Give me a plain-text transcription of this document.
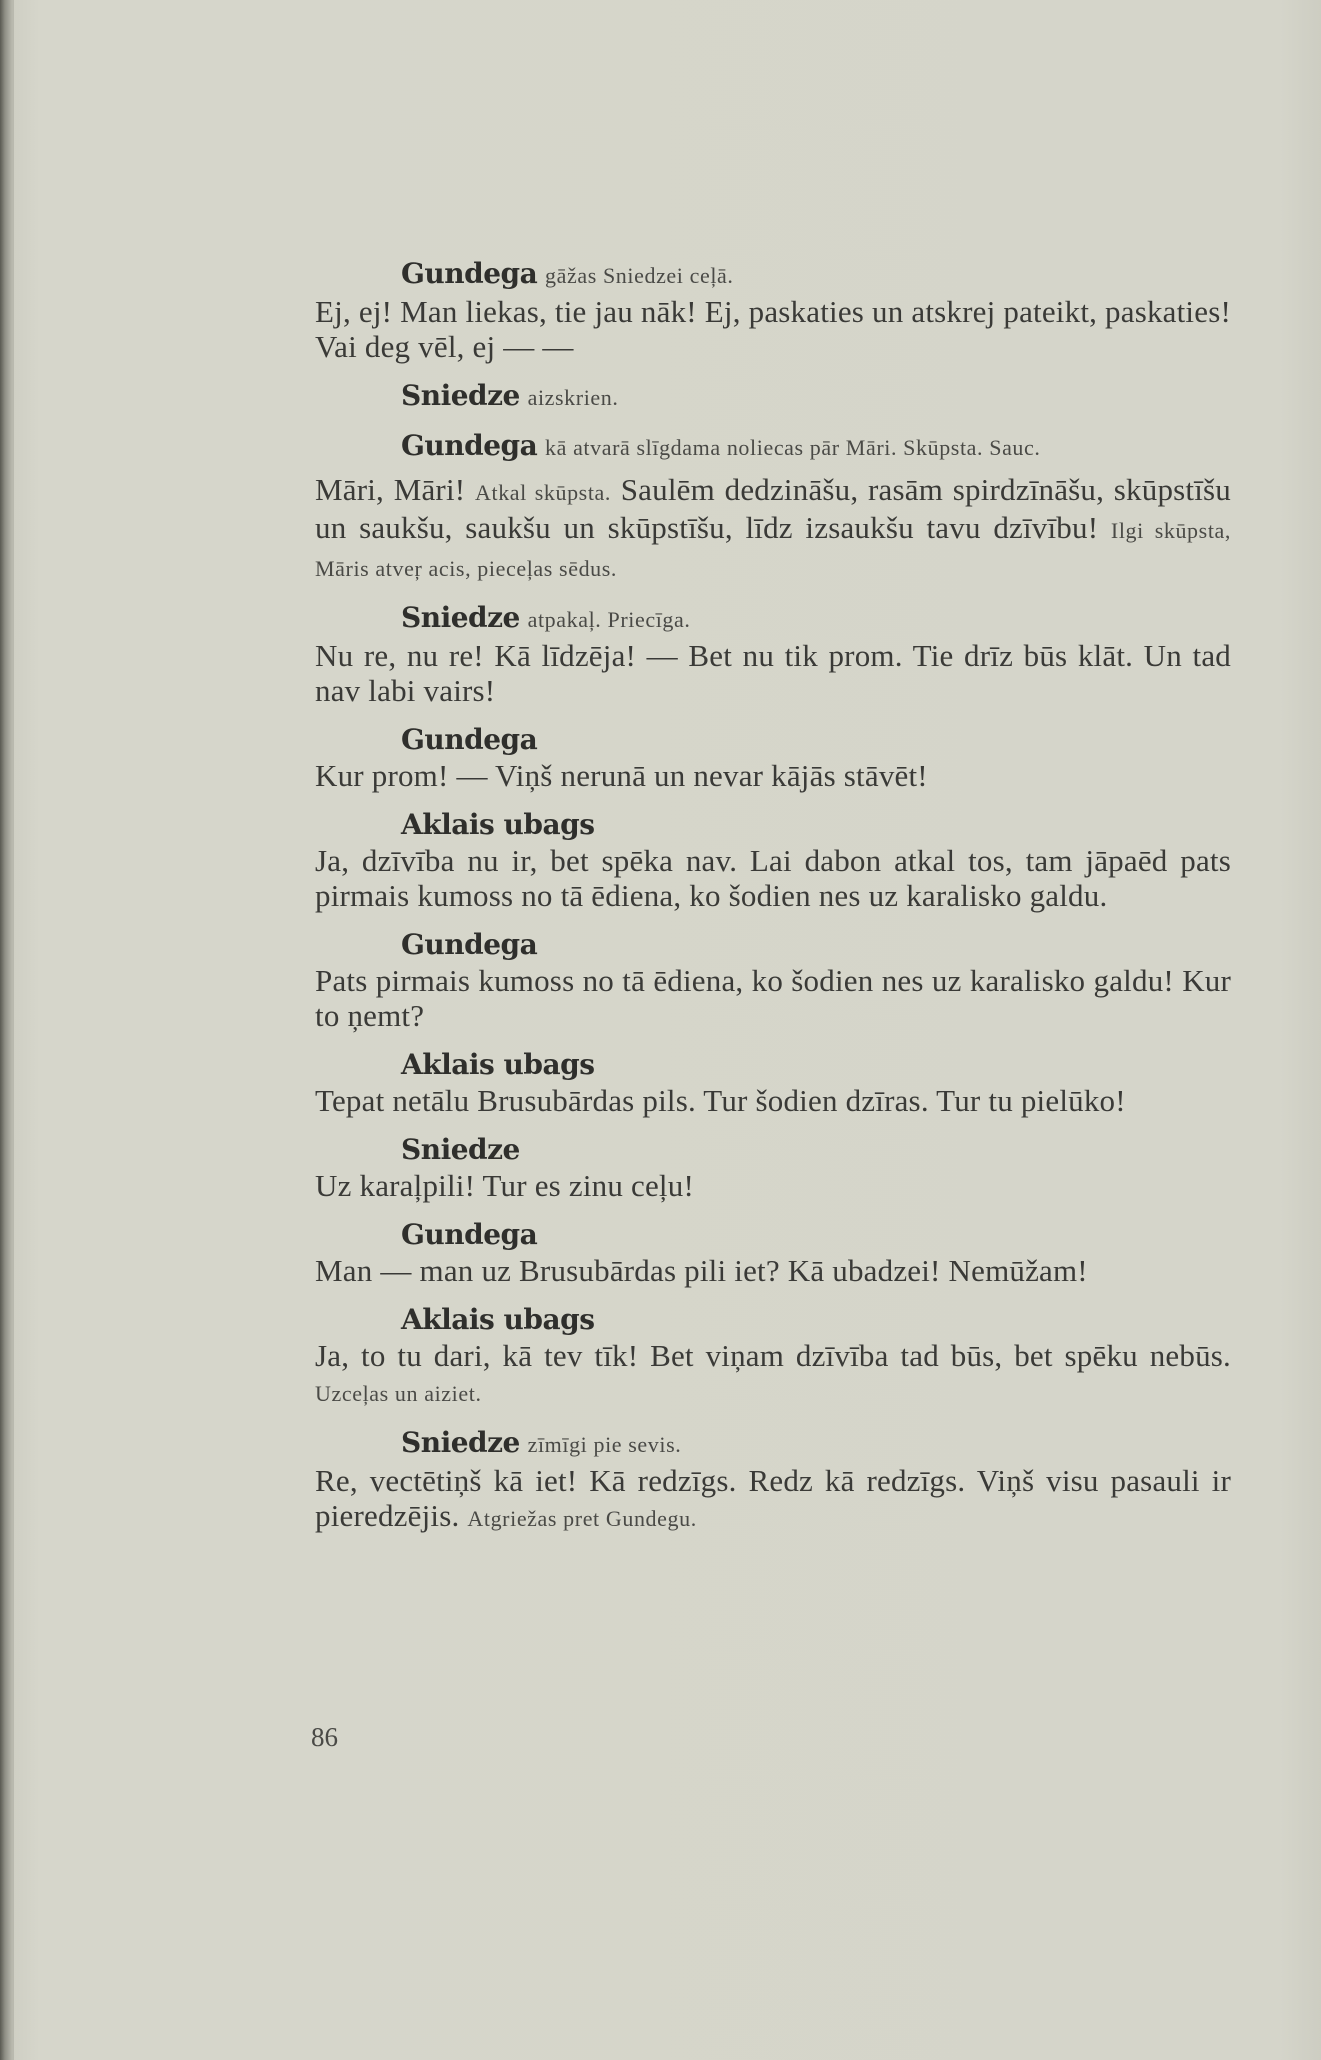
Gundega gāžas Sniedzei ceļā.
Ej, ej! Man liekas, tie jau nāk! Ej, paskaties un atskrej pateikt, paskaties! Vai deg vēl, ej — —
Sniedze aizskrien.
Gundega kā atvarā slīgdama noliecas pār Māri. Skūpsta. Sauc.
Māri, Māri! Atkal skūpsta. Saulēm dedzināšu, rasām spirdzīnāšu, skūpstīšu un saukšu, saukšu un skūpstīšu, līdz izsaukšu tavu dzīvību! Ilgi skūpsta, Māris atveŗ acis, pieceļas sēdus.
Sniedze atpakaļ. Priecīga.
Nu re, nu re! Kā līdzēja! — Bet nu tik prom. Tie drīz būs klāt. Un tad nav labi vairs!
Gundega
Kur prom! — Viņš nerunā un nevar kājās stāvēt!
Aklais ubags
Ja, dzīvība nu ir, bet spēka nav. Lai dabon atkal tos, tam jāpaēd pats pirmais kumoss no tā ēdiena, ko šodien nes uz karalisko galdu.
Gundega
Pats pirmais kumoss no tā ēdiena, ko šodien nes uz karalisko galdu! Kur to ņemt?
Aklais ubags
Tepat netālu Brusubārdas pils. Tur šodien dzīras. Tur tu pielūko!
Sniedze
Uz karaļpili! Tur es zinu ceļu!
Gundega
Man — man uz Brusubārdas pili iet? Kā ubadzei! Nemūžam!
Aklais ubags
Ja, to tu dari, kā tev tīk! Bet viņam dzīvība tad būs, bet spēku nebūs. Uzceļas un aiziet.
Sniedze zīmīgi pie sevis.
Re, vectētiņš kā iet! Kā redzīgs. Redz kā redzīgs. Viņš visu pasauli ir pieredzējis. Atgriežas pret Gundegu.
86
